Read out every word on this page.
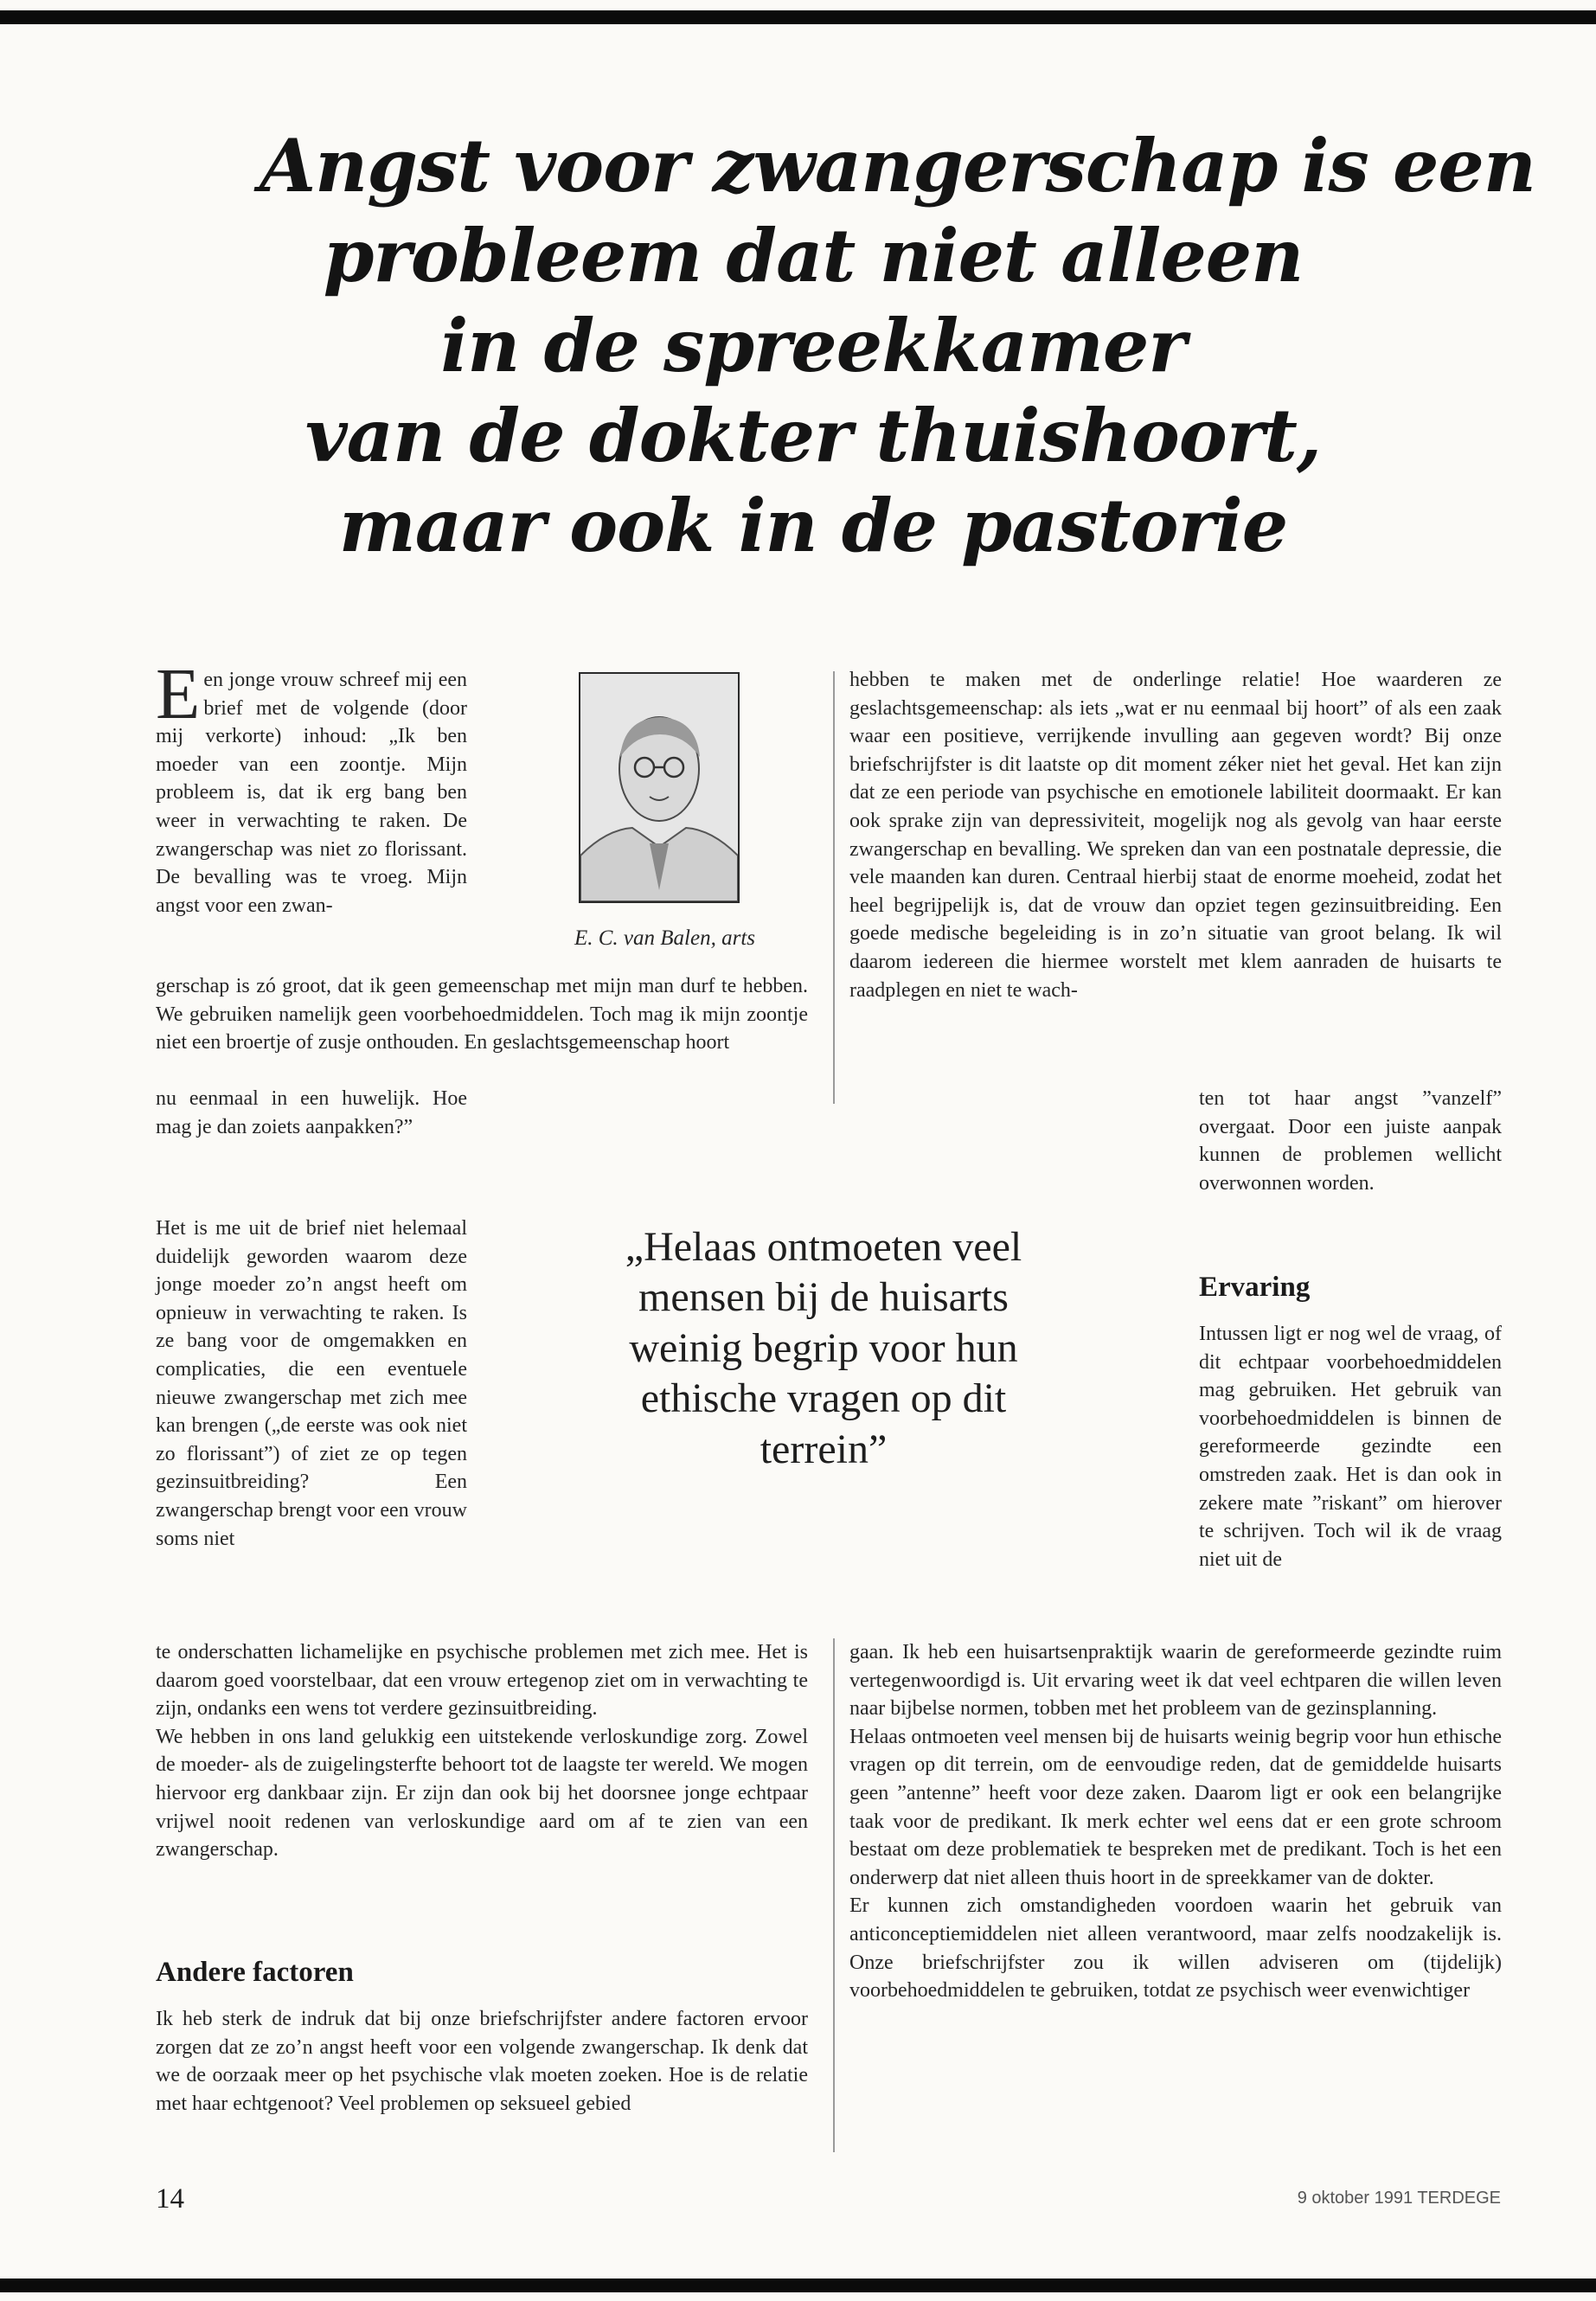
Angst voor zwangerschap is een
probleem dat niet alleen
in de spreekkamer
van de dokter thuishoort,
maar ook in de pastorie

Een jonge vrouw schreef mij een brief met de volgende (door mij verkorte) inhoud: „Ik ben moeder van een zoontje. Mijn probleem is, dat ik erg bang ben weer in verwachting te raken. De zwangerschap was niet zo florissant. De bevalling was te vroeg. Mijn angst voor een zwan-

E. C. van Balen, arts

gerschap is zó groot, dat ik geen gemeenschap met mijn man durf te hebben. We gebruiken namelijk geen voorbehoedmiddelen. Toch mag ik mijn zoontje niet een broertje of zusje onthouden. En geslachtsgemeenschap hoort

nu eenmaal in een huwelijk. Hoe mag je dan zoiets aanpakken?”

Het is me uit de brief niet helemaal duidelijk geworden waarom deze jonge moeder zo’n angst heeft om opnieuw in verwachting te raken. Is ze bang voor de omgemakken en complicaties, die een eventuele nieuwe zwangerschap met zich mee kan brengen („de eerste was ook niet zo florissant”) of ziet ze op tegen gezinsuitbreiding? Een zwangerschap brengt voor een vrouw soms niet

„Helaas ontmoeten veel mensen bij de huisarts weinig begrip voor hun ethische vragen op dit terrein”

te onderschatten lichamelijke en psychische problemen met zich mee. Het is daarom goed voorstelbaar, dat een vrouw ertegenop ziet om in verwachting te zijn, ondanks een wens tot verdere gezinsuitbreiding.

We hebben in ons land gelukkig een uitstekende verloskundige zorg. Zowel de moeder- als de zuigelingsterfte behoort tot de laagste ter wereld. We mogen hiervoor erg dankbaar zijn. Er zijn dan ook bij het doorsnee jonge echtpaar vrijwel nooit redenen van verloskundige aard om af te zien van een zwangerschap.

Andere factoren

Ik heb sterk de indruk dat bij onze briefschrijfster andere factoren ervoor zorgen dat ze zo’n angst heeft voor een volgende zwangerschap. Ik denk dat we de oorzaak meer op het psychische vlak moeten zoeken. Hoe is de relatie met haar echtgenoot? Veel problemen op seksueel gebied

hebben te maken met de onderlinge relatie! Hoe waarderen ze geslachtsgemeenschap: als iets „wat er nu eenmaal bij hoort” of als een zaak waar een positieve, verrijkende invulling aan gegeven wordt? Bij onze briefschrijfster is dit laatste op dit moment zéker niet het geval. Het kan zijn dat ze een periode van psychische en emotionele labiliteit doormaakt. Er kan ook sprake zijn van depressiviteit, mogelijk nog als gevolg van haar eerste zwangerschap en bevalling. We spreken dan van een postnatale depressie, die vele maanden kan duren. Centraal hierbij staat de enorme moeheid, zodat het heel begrijpelijk is, dat de vrouw dan opziet tegen gezinsuitbreiding. Een goede medische begeleiding is in zo’n situatie van groot belang. Ik wil daarom iedereen die hiermee worstelt met klem aanraden de huisarts te raadplegen en niet te wach-

ten tot haar angst ”vanzelf” overgaat. Door een juiste aanpak kunnen de problemen wellicht overwonnen worden.

Ervaring

Intussen ligt er nog wel de vraag, of dit echtpaar voorbehoedmiddelen mag gebruiken. Het gebruik van voorbehoedmiddelen is binnen de gereformeerde gezindte een omstreden zaak. Het is dan ook in zekere mate ”riskant” om hierover te schrijven. Toch wil ik de vraag niet uit de

gaan. Ik heb een huisartsenpraktijk waarin de gereformeerde gezindte ruim vertegenwoordigd is. Uit ervaring weet ik dat veel echtparen die willen leven naar bijbelse normen, tobben met het probleem van de gezinsplanning.

Helaas ontmoeten veel mensen bij de huisarts weinig begrip voor hun ethische vragen op dit terrein, om de eenvoudige reden, dat de gemiddelde huisarts geen ”antenne” heeft voor deze zaken. Daarom ligt er ook een belangrijke taak voor de predikant. Ik merk echter wel eens dat er een grote schroom bestaat om deze problematiek te bespreken met de predikant. Toch is het een onderwerp dat niet alleen thuis hoort in de spreekkamer van de dokter.

Er kunnen zich omstandigheden voordoen waarin het gebruik van anticonceptiemiddelen niet alleen verantwoord, maar zelfs noodzakelijk is. Onze briefschrijfster zou ik willen adviseren om (tijdelijk) voorbehoedmiddelen te gebruiken, totdat ze psychisch weer evenwichtiger

14	9 oktober 1991 TERDEGE
